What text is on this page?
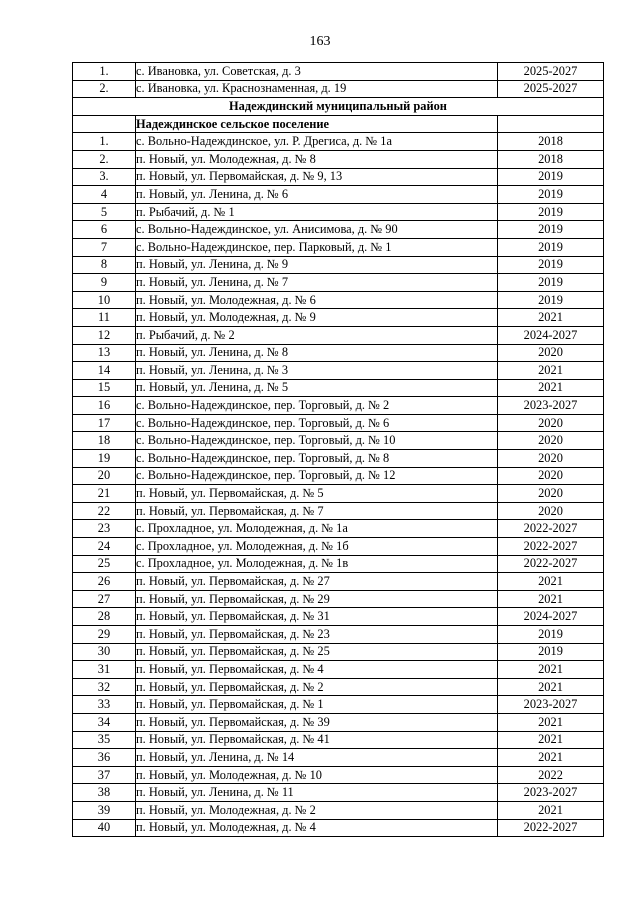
163
1.	с. Ивановка, ул. Советская, д. 3	2025-2027
2.	с. Ивановка, ул. Краснознаменная, д. 19	2025-2027
Надеждинский муниципальный район		
	Надеждинское сельское поселение	
1.	с. Вольно-Надеждинское, ул. Р. Дрегиса, д. № 1а	2018
2.	п. Новый, ул. Молодежная, д. № 8	2018
3.	п. Новый, ул. Первомайская, д. № 9, 13	2019
4	п. Новый, ул. Ленина, д. № 6	2019
5	п. Рыбачий, д. № 1	2019
6	с. Вольно-Надеждинское, ул. Анисимова, д. № 90	2019
7	с. Вольно-Надеждинское, пер. Парковый, д. № 1	2019
8	п. Новый, ул. Ленина, д. № 9	2019
9	п. Новый, ул. Ленина, д. № 7	2019
10	п. Новый, ул. Молодежная, д. № 6	2019
11	п. Новый, ул. Молодежная, д. № 9	2021
12	п. Рыбачий, д. № 2	2024-2027
13	п. Новый, ул. Ленина, д. № 8	2020
14	п. Новый, ул. Ленина, д. № 3	2021
15	п. Новый, ул. Ленина, д. № 5	2021
16	с. Вольно-Надеждинское, пер. Торговый, д. № 2	2023-2027
17	с. Вольно-Надеждинское, пер. Торговый, д. № 6	2020
18	с. Вольно-Надеждинское, пер. Торговый, д. № 10	2020
19	с. Вольно-Надеждинское, пер. Торговый, д. № 8	2020
20	с. Вольно-Надеждинское, пер. Торговый, д. № 12	2020
21	п. Новый, ул. Первомайская, д. № 5	2020
22	п. Новый, ул. Первомайская, д. № 7	2020
23	с. Прохладное, ул. Молодежная, д. № 1а	2022-2027
24	с. Прохладное, ул. Молодежная, д. № 1б	2022-2027
25	с. Прохладное, ул. Молодежная, д. № 1в	2022-2027
26	п. Новый, ул. Первомайская, д. № 27	2021
27	п. Новый, ул. Первомайская, д. № 29	2021
28	п. Новый, ул. Первомайская, д. № 31	2024-2027
29	п. Новый, ул. Первомайская, д. № 23	2019
30	п. Новый, ул. Первомайская, д. № 25	2019
31	п. Новый, ул. Первомайская, д. № 4	2021
32	п. Новый, ул. Первомайская, д. № 2	2021
33	п. Новый, ул. Первомайская, д. № 1	2023-2027
34	п. Новый, ул. Первомайская, д. № 39	2021
35	п. Новый, ул. Первомайская, д. № 41	2021
36	п. Новый, ул. Ленина, д. № 14	2021
37	п. Новый, ул. Молодежная, д. № 10	2022
38	п. Новый, ул. Ленина, д. № 11	2023-2027
39	п. Новый, ул. Молодежная, д. № 2	2021
40	п. Новый, ул. Молодежная, д. № 4	2022-2027
